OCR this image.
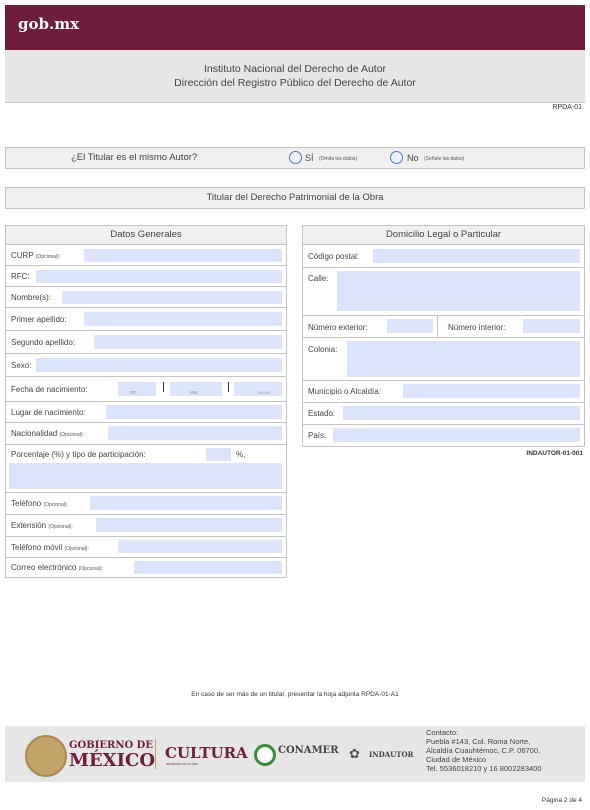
gob.mx
Instituto Nacional del Derecho de Autor
Dirección del Registro Público del Derecho de Autor
RPDA-01
¿El Titular es el mismo Autor?	SÍ (Omita los datos)	No (Señale los datos)
Titular del Derecho Patrimonial de la Obra
Datos Generales
CURP (Opcional):
RFC:
Nombre(s):
Primer apellido:
Segundo apellido:
Sexo:
Fecha de nacimiento:	DD	MM	AAAA
Lugar de nacimiento:
Nacionalidad (Opcional):
Porcentaje (%) y tipo de participación:	%,
Teléfono (Opcional):
Extensión (Opcional):
Teléfono móvil (Opcional):
Correo electrónico (Opcional):
Domicilio Legal o Particular
Código postal:
Calle:
Número exterior:	Número interior:
Colonia:
Municipio o Alcaldía:
Estado:
País:
INDAUTOR-01-001
En caso de ser más de un titular, presentar la hoja adjunta RPDA-01-A1
GOBIERNO DE
MÉXICO CULTURA
SECRETARÍA DE CULTURA
CONAMER ✿ INDAUTOR
Contacto:
Puebla #143, Col. Roma Norte,
Alcaldía Cuauhtémoc, C.P. 06700,
Ciudad de México
Tel. 5536018210 y 16 8002283400
Página 2 de 4
